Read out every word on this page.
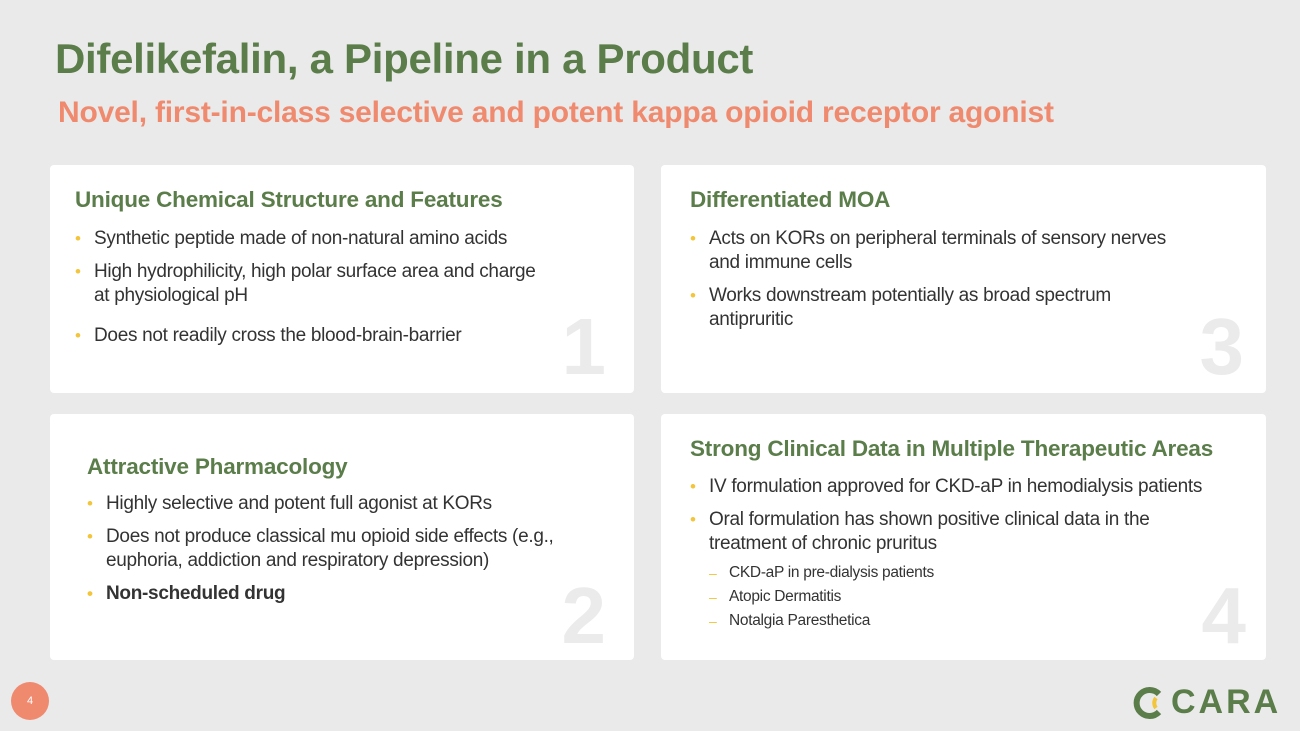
Difelikefalin, a Pipeline in a Product
Novel, first-in-class selective and potent kappa opioid receptor agonist
Unique Chemical Structure and Features
• Synthetic peptide made of non-natural amino acids
• High hydrophilicity, high polar surface area and charge at physiological pH
• Does not readily cross the blood-brain-barrier	1
Attractive Pharmacology
• Highly selective and potent full agonist at KORs
• Does not produce classical mu opioid side effects (e.g., euphoria, addiction and respiratory depression)
• Non-scheduled drug	2
Differentiated MOA
• Acts on KORs on peripheral terminals of sensory nerves and immune cells
• Works downstream potentially as broad spectrum antipruritic	3
Strong Clinical Data in Multiple Therapeutic Areas
• IV formulation approved for CKD-aP in hemodialysis patients
• Oral formulation has shown positive clinical data in the treatment of chronic pruritus
– CKD-aP in pre-dialysis patients
– Atopic Dermatitis
– Notalgia Paresthetica	4
4	CARA
